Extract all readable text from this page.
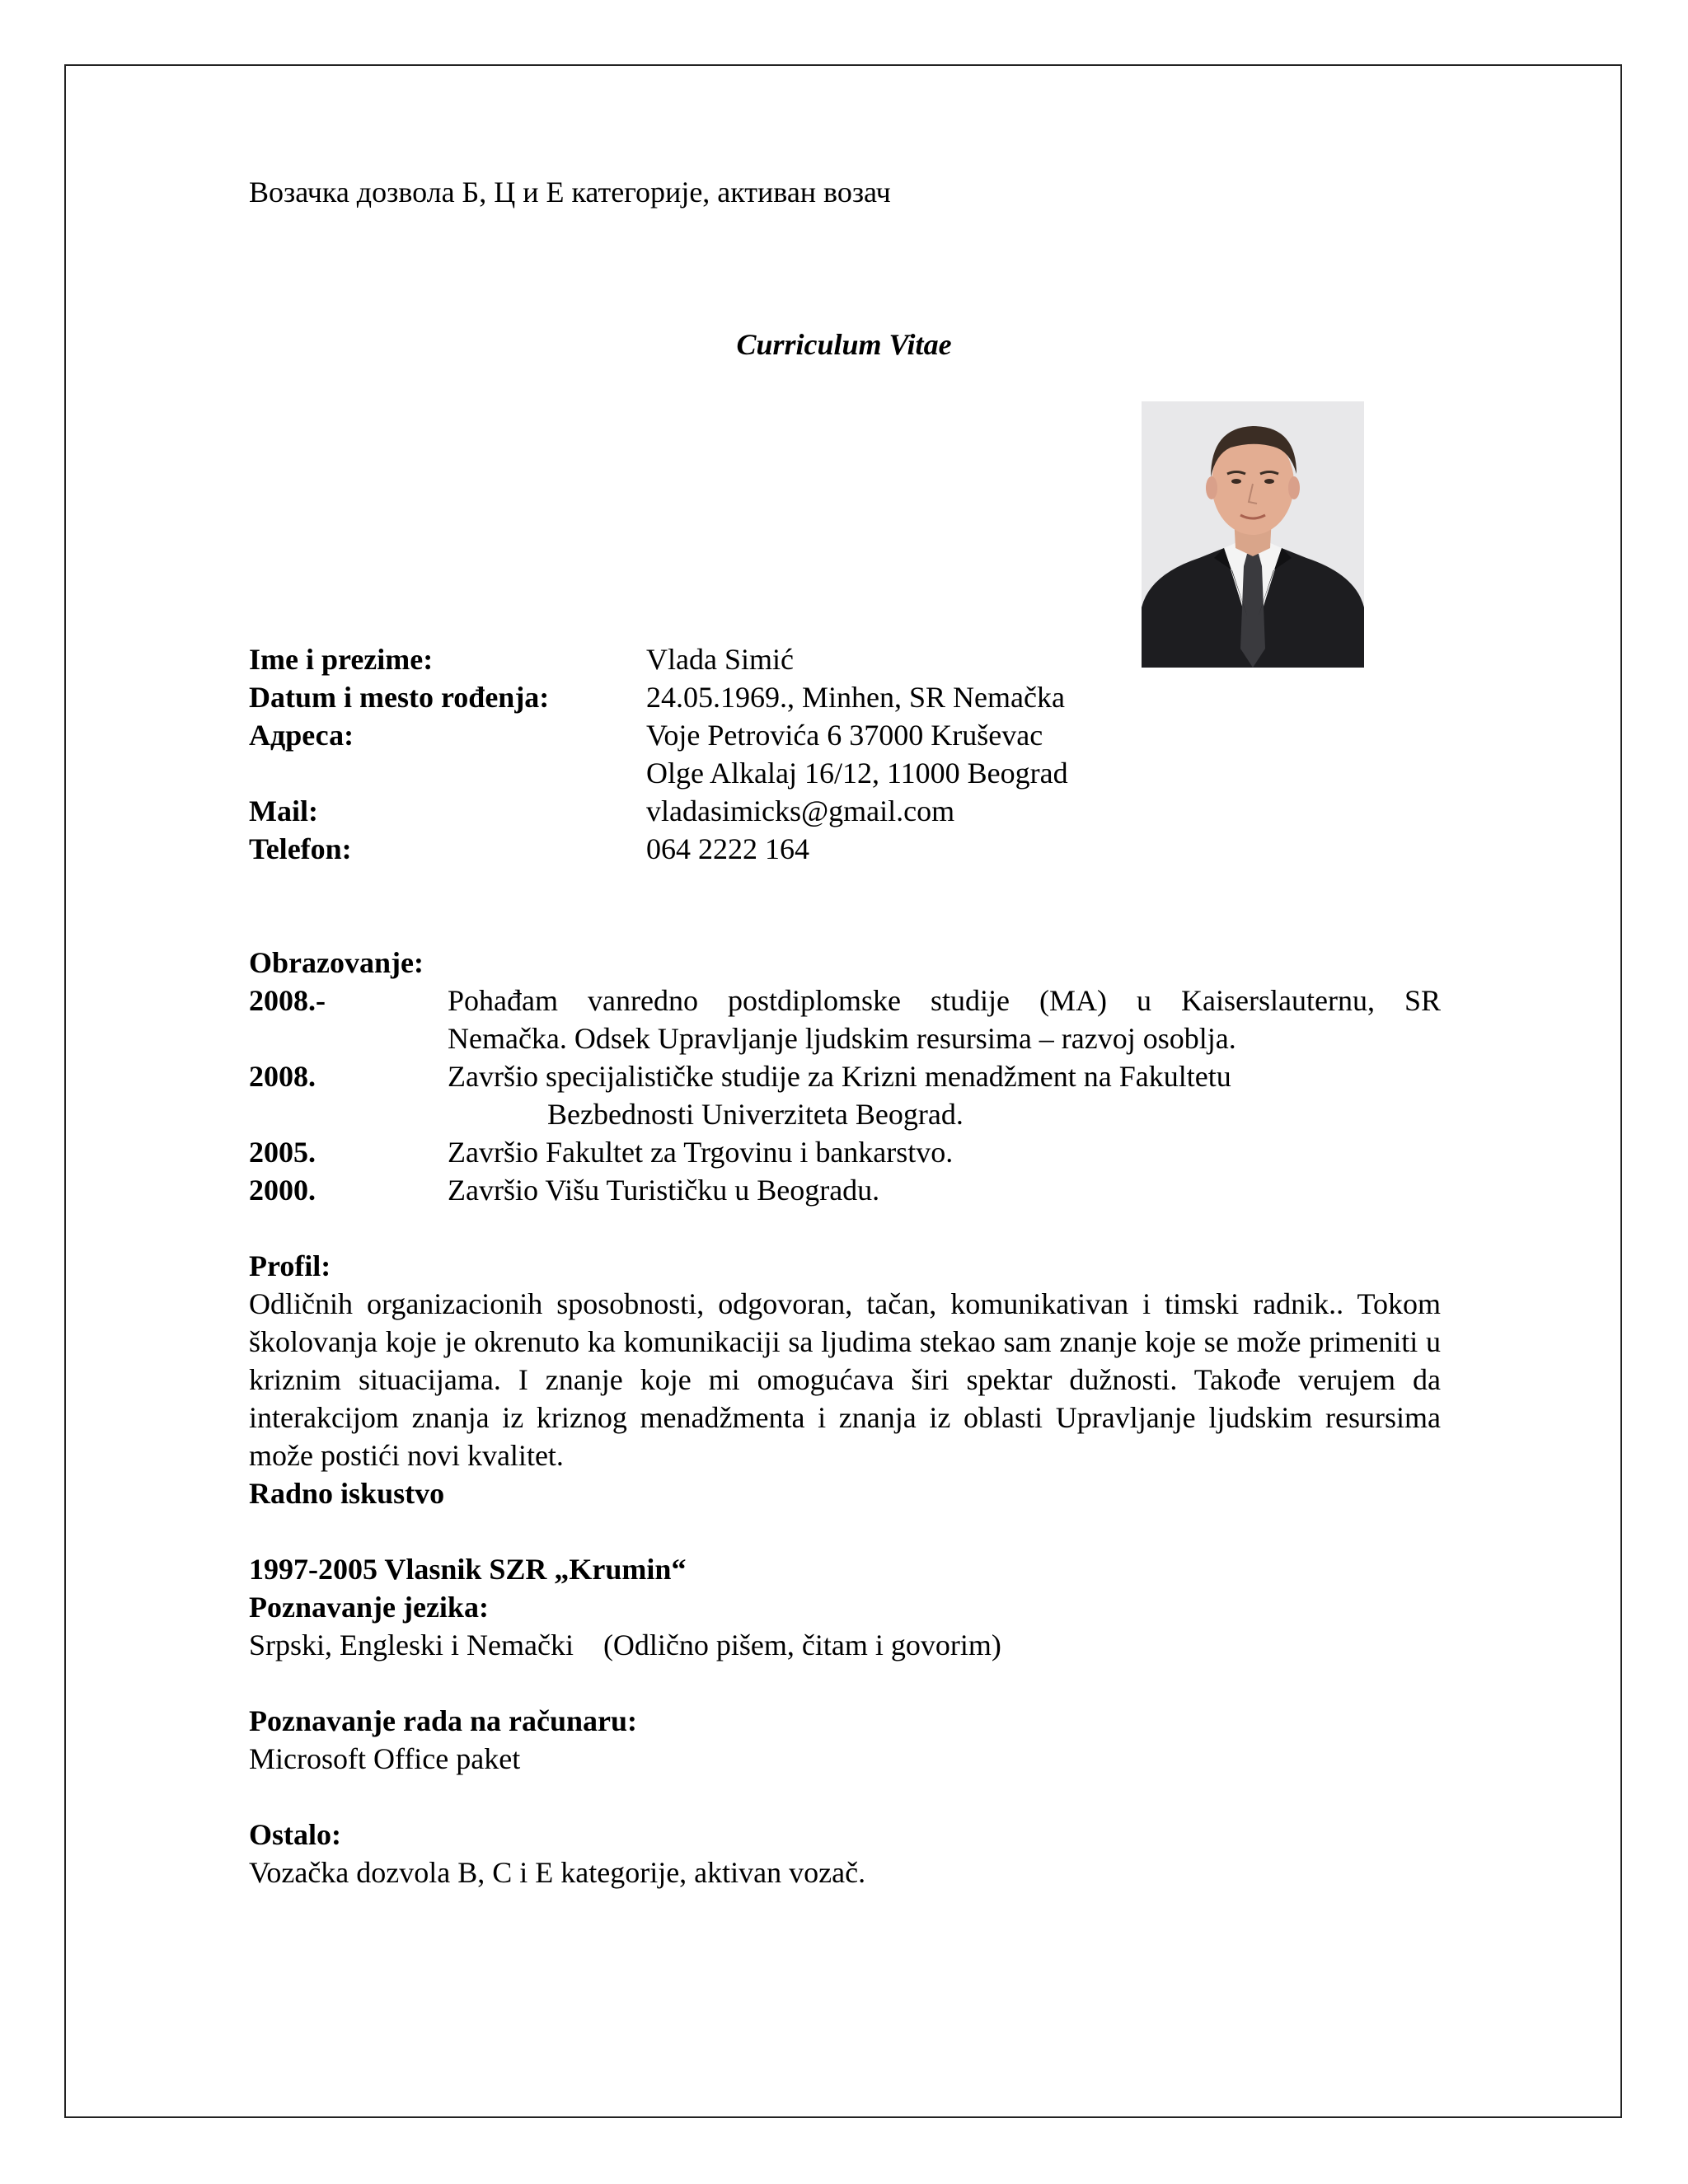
Возачка дозвола Б, Ц и Е категорије, активан возач
Curriculum Vitae
Ime i prezime:	Vlada Simić
Datum i mesto rođenja:	24.05.1969., Minhen, SR Nemačka
Адреса:	Voje Petrovića 6 37000 Kruševac
Olge Alkalaj 16/12, 11000 Beograd
Mail:	vladasimicks@gmail.com
Telefon:	064 2222 164
Obrazovanje:
2008.-	Pohađam vanredno postdiplomske studije (MA) u Kaiserslauternu, SR
Nemačka. Odsek Upravljanje ljudskim resursima – razvoj osoblja.
2008.	Završio specijalističke studije za Krizni menadžment na Fakultetu
Bezbednosti Univerziteta Beograd.
2005.	Završio Fakultet za Trgovinu i bankarstvo.
2000.	Završio Višu Turističku u Beogradu.
Profil:
Odličnih organizacionih sposobnosti, odgovoran, tačan, komunikativan i timski radnik.. Tokom školovanja koje je okrenuto ka komunikaciji sa ljudima stekao sam znanje koje se može primeniti u kriznim situacijama. I znanje koje mi omogućava širi spektar dužnosti. Takođe verujem da interakcijom znanja iz kriznog menadžmenta i znanja iz oblasti Upravljanje ljudskim resursima može postići novi kvalitet.
Radno iskustvo
1997-2005 Vlasnik SZR „Krumin“
Poznavanje jezika:
Srpski, Engleski i Nemački    (Odlično pišem, čitam i govorim)
Poznavanje rada na računaru:
Microsoft Office paket
Ostalo:
Vozačka dozvola B, C i E kategorije, aktivan vozač.
